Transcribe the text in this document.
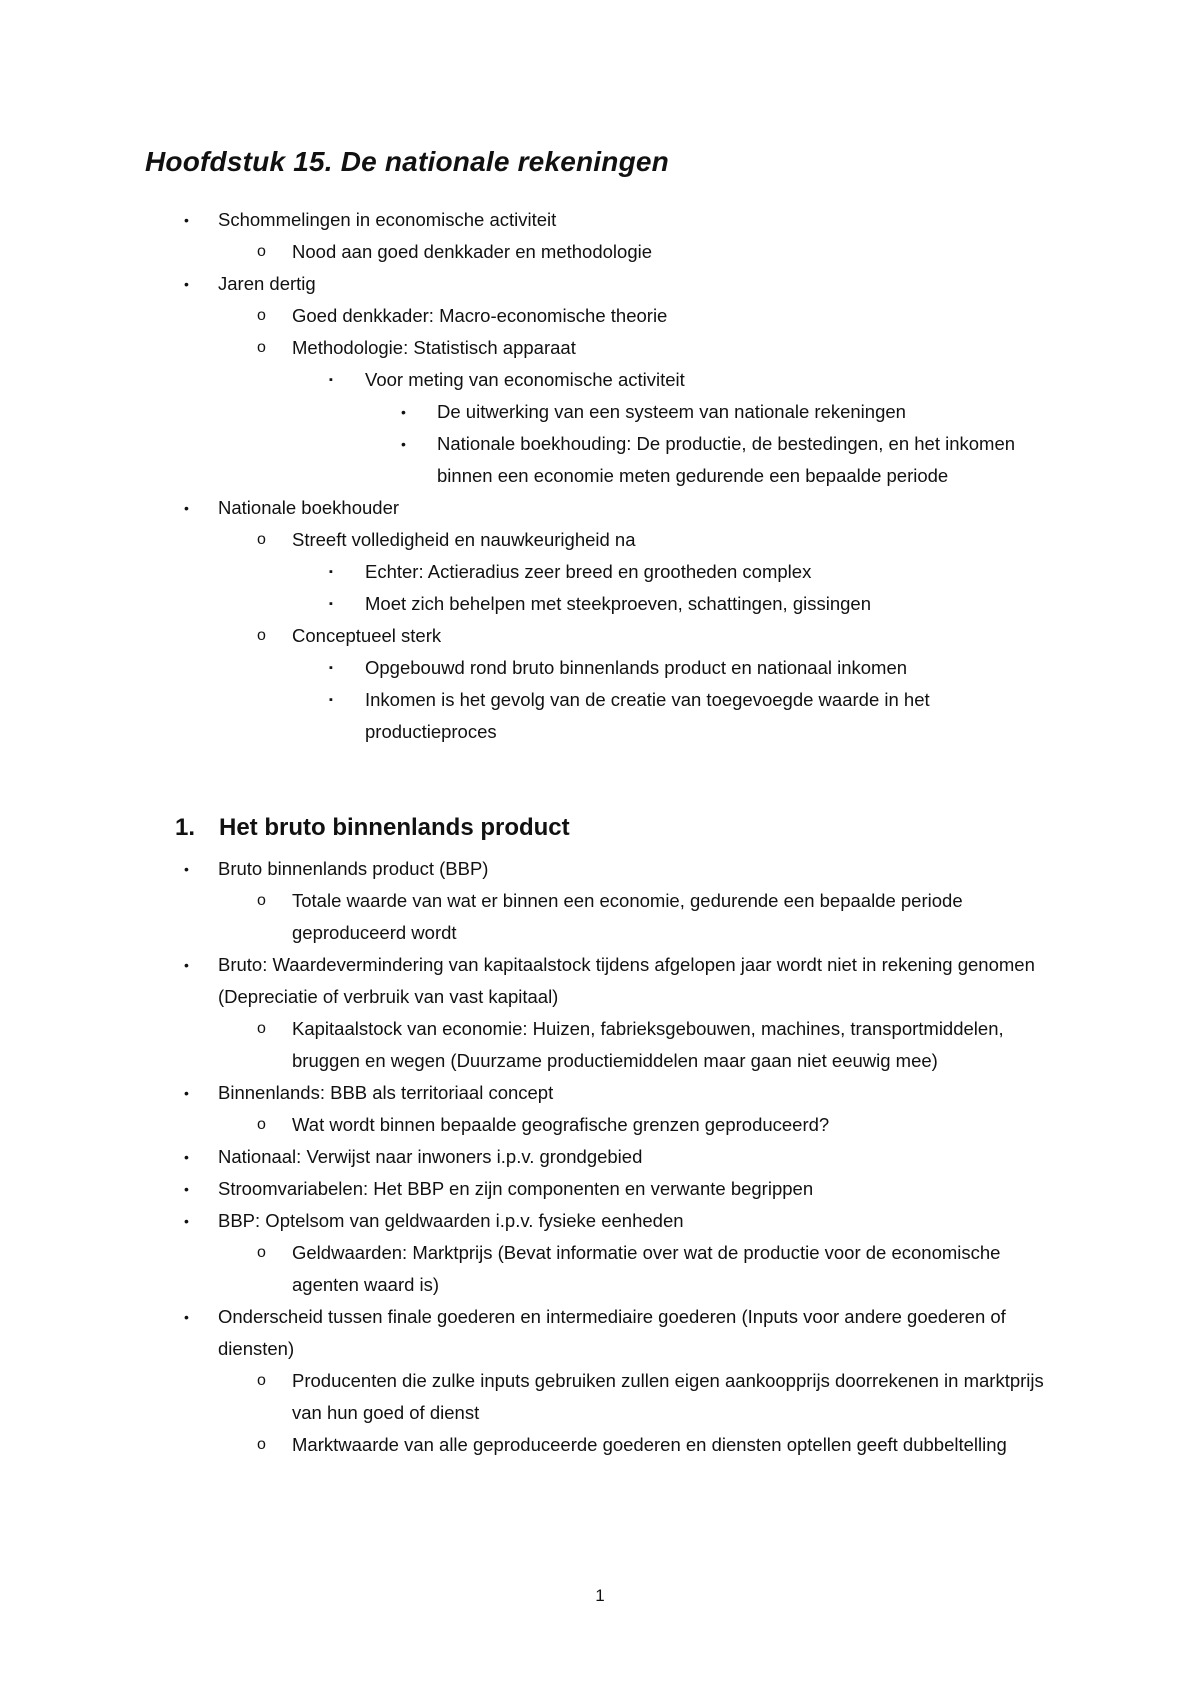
Hoofdstuk 15. De nationale rekeningen
• Schommelingen in economische activiteit
o Nood aan goed denkkader en methodologie
• Jaren dertig
o Goed denkkader: Macro-economische theorie
o Methodologie: Statistisch apparaat
▪ Voor meting van economische activiteit
• De uitwerking van een systeem van nationale rekeningen
• Nationale boekhouding: De productie, de bestedingen, en het inkomen binnen een economie meten gedurende een bepaalde periode
• Nationale boekhouder
o Streeft volledigheid en nauwkeurigheid na
▪ Echter: Actieradius zeer breed en grootheden complex
▪ Moet zich behelpen met steekproeven, schattingen, gissingen
o Conceptueel sterk
▪ Opgebouwd rond bruto binnenlands product en nationaal inkomen
▪ Inkomen is het gevolg van de creatie van toegevoegde waarde in het productieproces
1. Het bruto binnenlands product
• Bruto binnenlands product (BBP)
o Totale waarde van wat er binnen een economie, gedurende een bepaalde periode geproduceerd wordt
• Bruto: Waardevermindering van kapitaalstock tijdens afgelopen jaar wordt niet in rekening genomen (Depreciatie of verbruik van vast kapitaal)
o Kapitaalstock van economie: Huizen, fabrieksgebouwen, machines, transportmiddelen, bruggen en wegen (Duurzame productiemiddelen maar gaan niet eeuwig mee)
• Binnenlands: BBB als territoriaal concept
o Wat wordt binnen bepaalde geografische grenzen geproduceerd?
• Nationaal: Verwijst naar inwoners i.p.v. grondgebied
• Stroomvariabelen: Het BBP en zijn componenten en verwante begrippen
• BBP: Optelsom van geldwaarden i.p.v. fysieke eenheden
o Geldwaarden: Marktprijs (Bevat informatie over wat de productie voor de economische agenten waard is)
• Onderscheid tussen finale goederen en intermediaire goederen (Inputs voor andere goederen of diensten)
o Producenten die zulke inputs gebruiken zullen eigen aankoopprijs doorrekenen in marktprijs van hun goed of dienst
o Marktwaarde van alle geproduceerde goederen en diensten optellen geeft dubbeltelling
1
